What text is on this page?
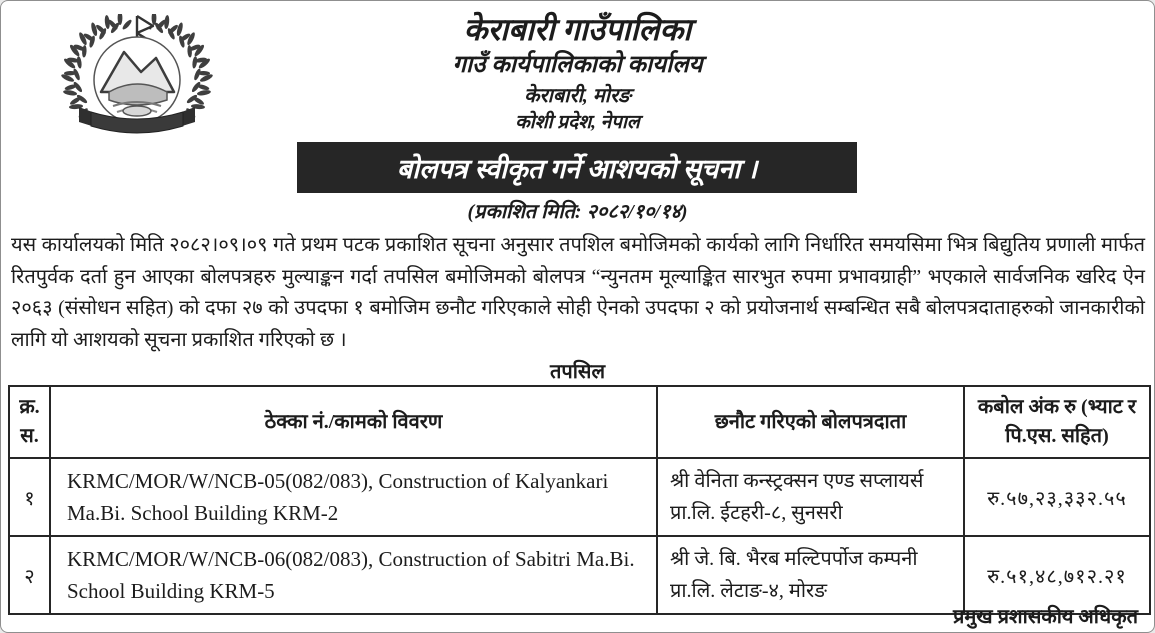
केराबारी गाउँपालिका
गाउँ कार्यपालिकाको कार्यालय
केराबारी, मोरङ
कोशी प्रदेश, नेपाल
बोलपत्र स्वीकृत गर्ने आशयको सूचना ।
(प्रकाशित मिति: २०८२/१०/१४)
यस कार्यालयको मिति २०८२।०९।०९ गते प्रथम पटक प्रकाशित सूचना अनुसार तपशिल बमोजिमको कार्यको लागि निर्धारित समयसिमा भित्र बिद्युतिय प्रणाली मार्फत रितपुर्वक दर्ता हुन आएका बोलपत्रहरु मुल्याङ्कन गर्दा तपसिल बमोजिमको बोलपत्र “न्युनतम मूल्याङ्कित सारभुत रुपमा प्रभावग्राही” भएकाले सार्वजनिक खरिद ऐन २०६३ (संसोधन सहित) को दफा २७ को उपदफा १ बमोजिम छनौट गरिएकाले सोही ऐनको उपदफा २ को प्रयोजनार्थ सम्बन्धित सबै बोलपत्रदाताहरुको जानकारीको लागि यो आशयको सूचना प्रकाशित गरिएको छ ।
तपसिल
क्र. स.	ठेक्का नं./कामको विवरण	छनौट गरिएको बोलपत्रदाता	कबोल अंक रु (भ्याट र पि.एस. सहित)
१	KRMC/MOR/W/NCB-05(082/083), Construction of Kalyankari Ma.Bi. School Building KRM-2	श्री वेनिता कन्स्ट्रक्सन एण्ड सप्लायर्स प्रा.लि. ईटहरी-८, सुनसरी	रु.५७,२३,३३२.५५
२	KRMC/MOR/W/NCB-06(082/083), Construction of Sabitri Ma.Bi. School Building KRM-5	श्री जे. बि. भैरब मल्टिपर्पोज कम्पनी प्रा.लि. लेटाङ-४, मोरङ	रु.५१,४८,७१२.२१
प्रमुख प्रशासकीय अधिकृत
